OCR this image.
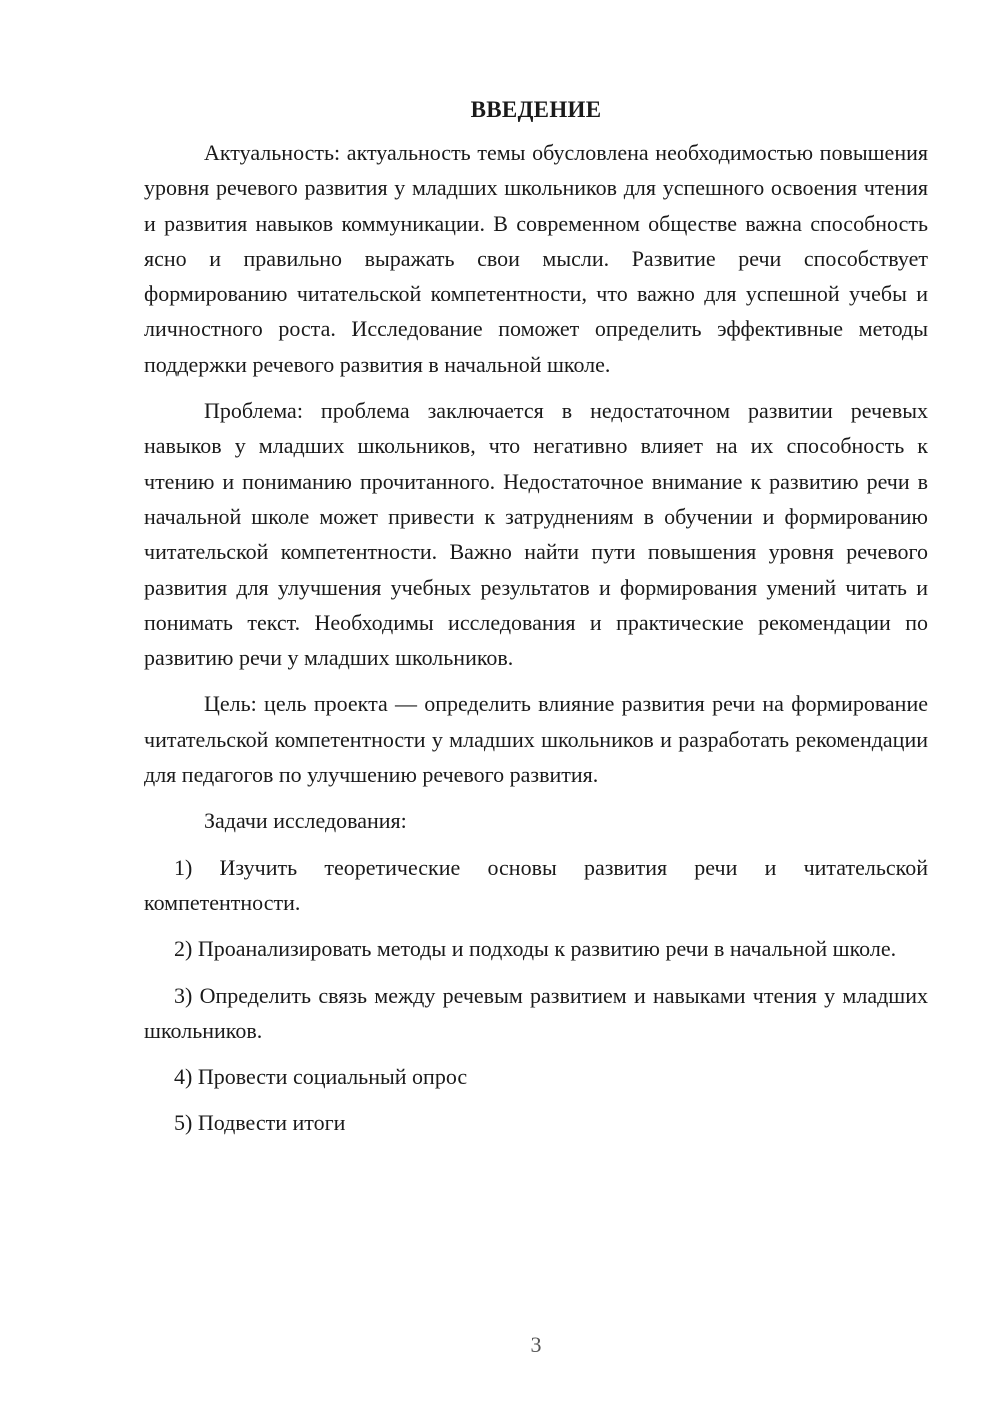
ВВЕДЕНИЕ

Актуальность: актуальность темы обусловлена необходимостью повышения уровня речевого развития у младших школьников для успешного освоения чтения и развития навыков коммуникации. В современном обществе важна способность ясно и правильно выражать свои мысли. Развитие речи способствует формированию читательской компетентности, что важно для успешной учебы и личностного роста. Исследование поможет определить эффективные методы поддержки речевого развития в начальной школе.

Проблема: проблема заключается в недостаточном развитии речевых навыков у младших школьников, что негативно влияет на их способность к чтению и пониманию прочитанного. Недостаточное внимание к развитию речи в начальной школе может привести к затруднениям в обучении и формированию читательской компетентности. Важно найти пути повышения уровня речевого развития для улучшения учебных результатов и формирования умений читать и понимать текст. Необходимы исследования и практические рекомендации по развитию речи у младших школьников.

Цель: цель проекта — определить влияние развития речи на формирование читательской компетентности у младших школьников и разработать рекомендации для педагогов по улучшению речевого развития.

Задачи исследования:

1) Изучить теоретические основы развития речи и читательской компетентности.

2) Проанализировать методы и подходы к развитию речи в начальной школе.

3) Определить связь между речевым развитием и навыками чтения у младших школьников.

4) Провести социальный опрос

5) Подвести итоги

3
